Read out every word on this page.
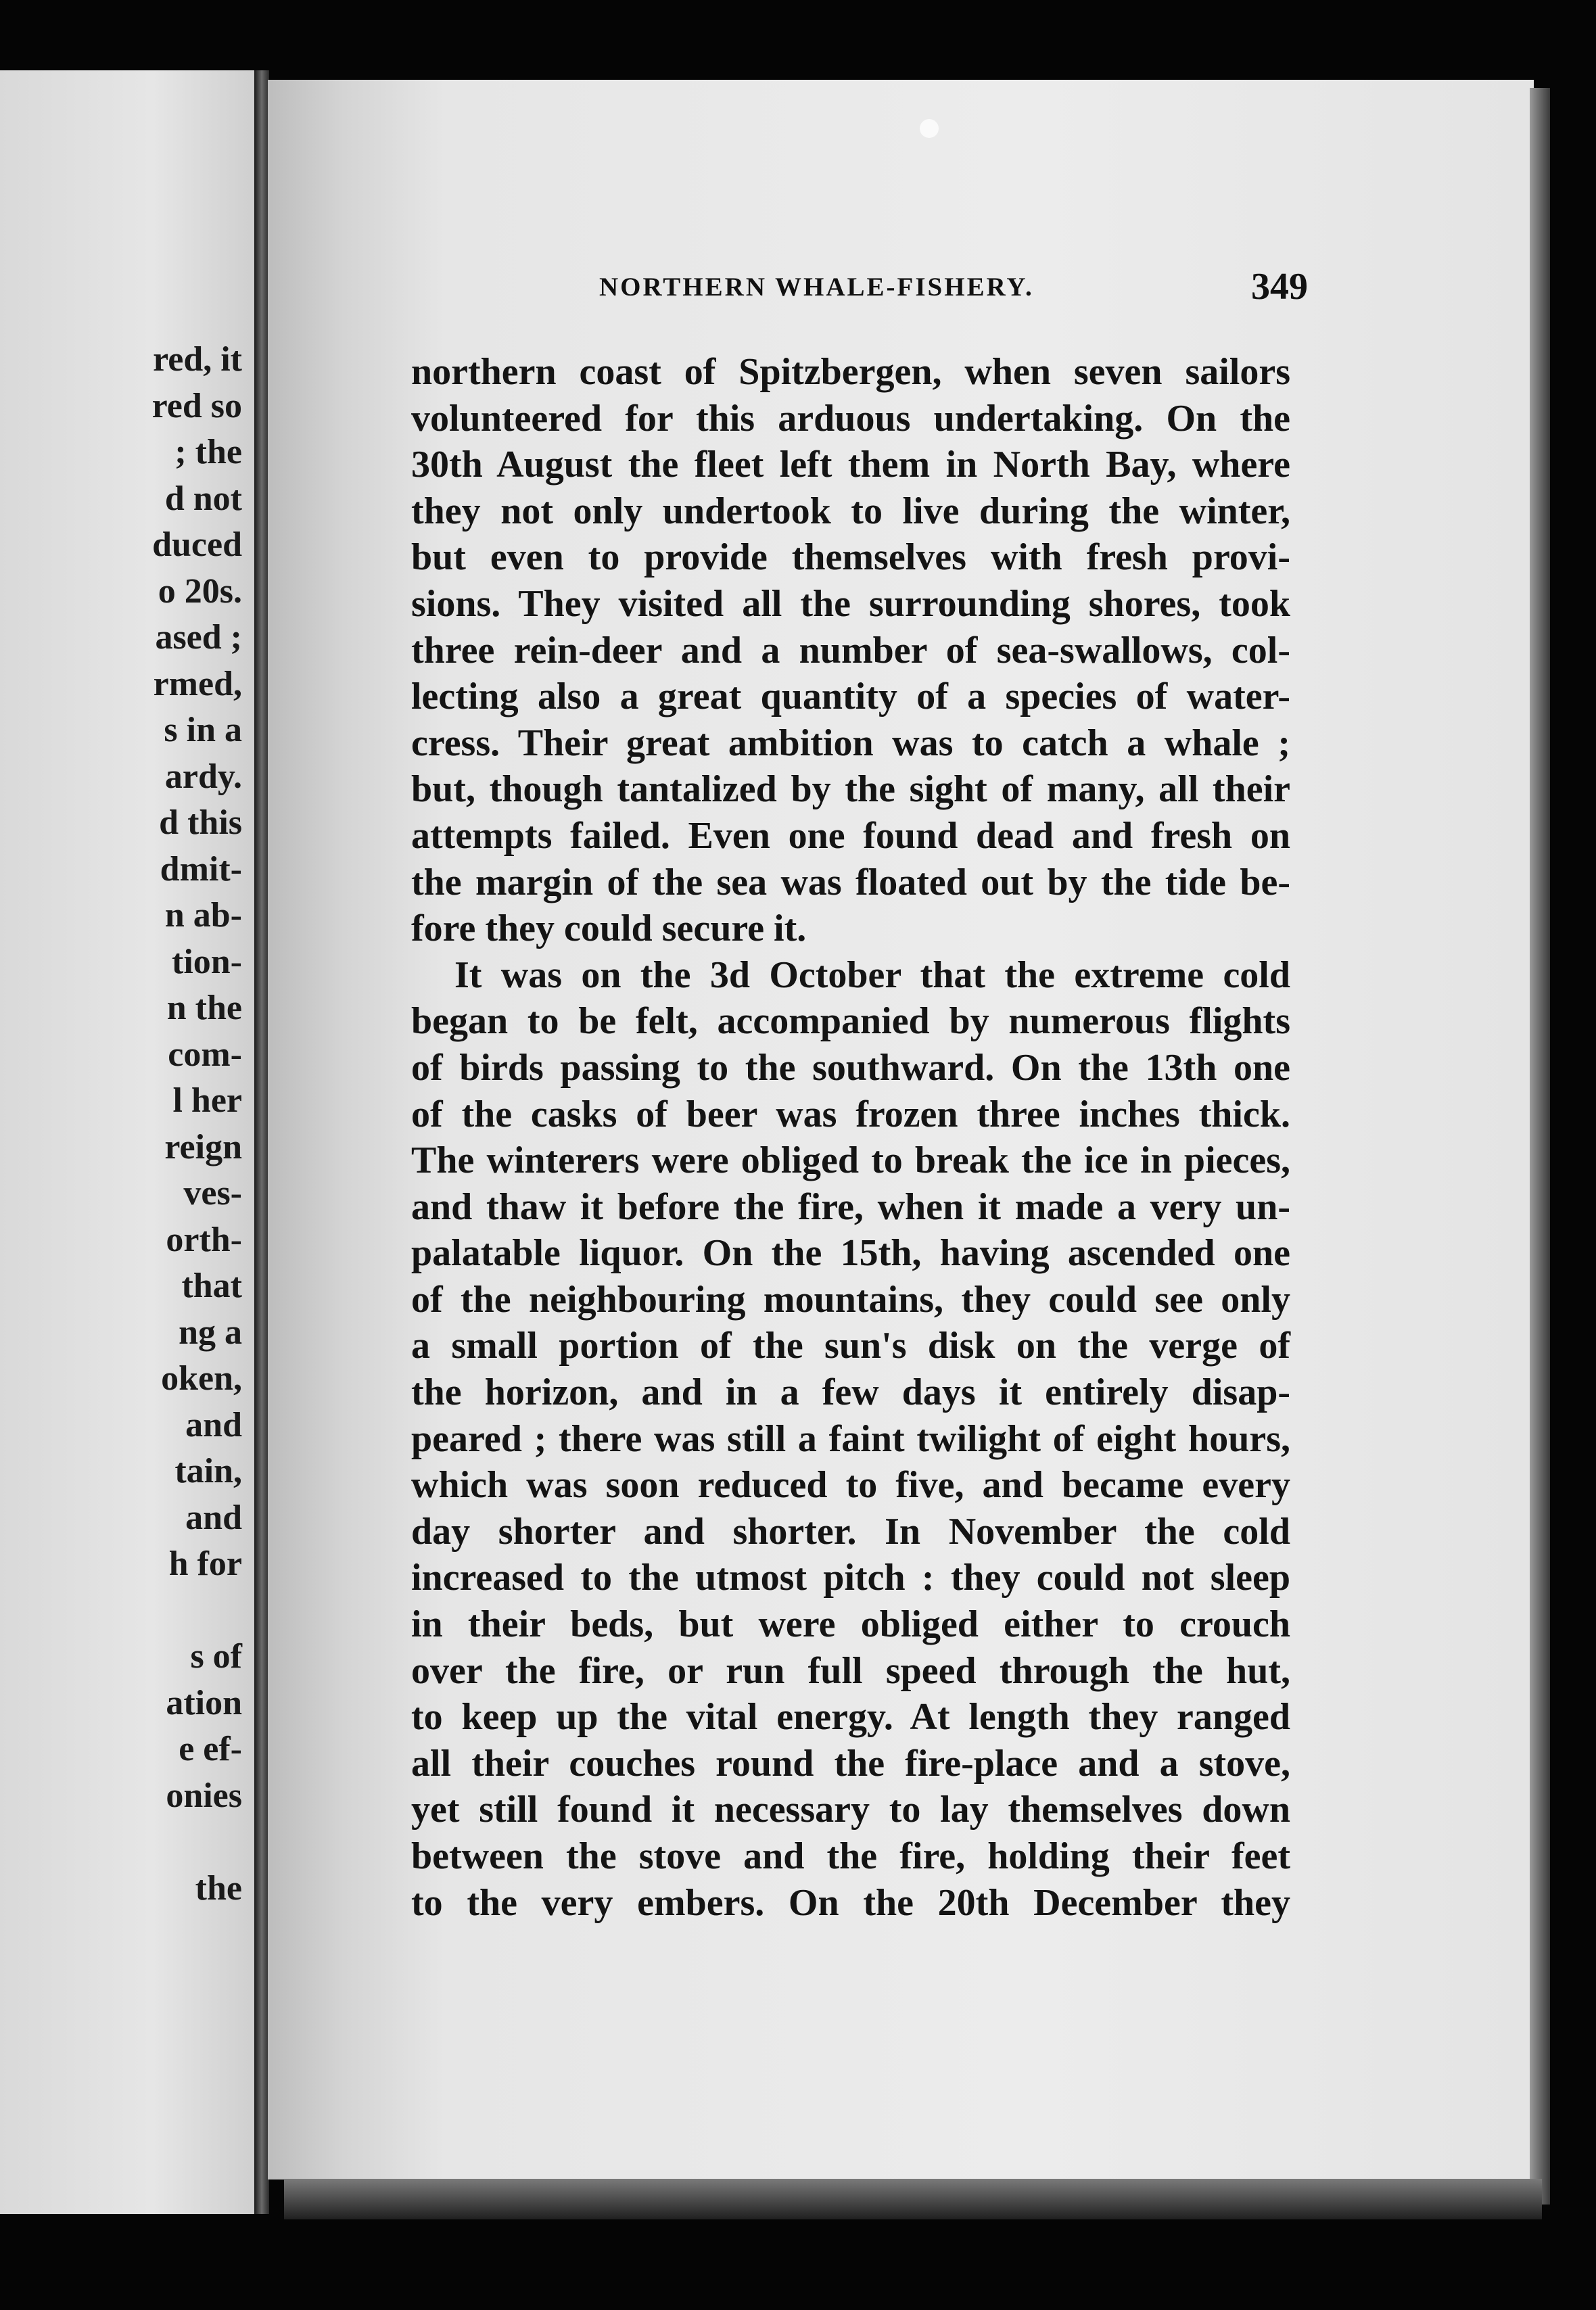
red, it
red so
; the
d not
duced
o 20s.
ased ;
rmed,
s in a
ardy.
d this
dmit-
n ab-
tion-
n the
com-
l her
reign
ves-
orth-
that
ng a
oken,
and
tain,
and
h for

s of
ation
e ef-
onies

the
NORTHERN WHALE-FISHERY.	349
northern coast of Spitzbergen, when seven sailors
volunteered for this arduous undertaking. On the
30th August the fleet left them in North Bay, where
they not only undertook to live during the winter,
but even to provide themselves with fresh provi-
sions. They visited all the surrounding shores, took
three rein-deer and a number of sea-swallows, col-
lecting also a great quantity of a species of water-
cress. Their great ambition was to catch a whale ;
but, though tantalized by the sight of many, all their
attempts failed. Even one found dead and fresh on
the margin of the sea was floated out by the tide be-
fore they could secure it.
It was on the 3d October that the extreme cold
began to be felt, accompanied by numerous flights
of birds passing to the southward. On the 13th one
of the casks of beer was frozen three inches thick.
The winterers were obliged to break the ice in pieces,
and thaw it before the fire, when it made a very un-
palatable liquor. On the 15th, having ascended one
of the neighbouring mountains, they could see only
a small portion of the sun's disk on the verge of
the horizon, and in a few days it entirely disap-
peared ; there was still a faint twilight of eight hours,
which was soon reduced to five, and became every
day shorter and shorter. In November the cold
increased to the utmost pitch : they could not sleep
in their beds, but were obliged either to crouch
over the fire, or run full speed through the hut,
to keep up the vital energy. At length they ranged
all their couches round the fire-place and a stove,
yet still found it necessary to lay themselves down
between the stove and the fire, holding their feet
to the very embers. On the 20th December they
